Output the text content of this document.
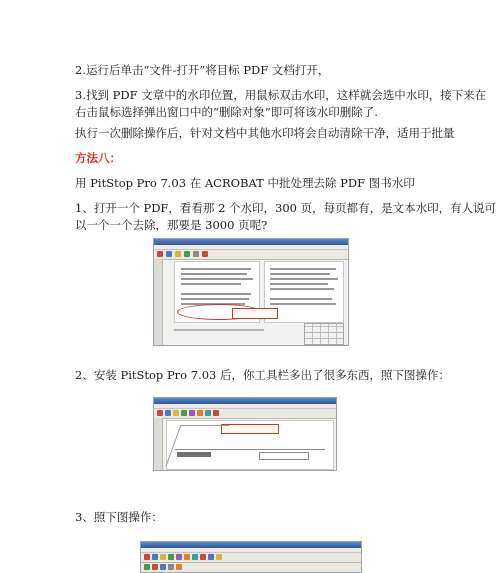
2.运行后单击“文件-打开”将目标 PDF 文档打开，
3.找到 PDF 文章中的水印位置，用鼠标双击水印，这样就会选中水印，接下来在
右击鼠标选择弹出窗口中的“删除对象”即可将该水印删除了.
执行一次删除操作后，针对文档中其他水印将会自动清除干净，适用于批量
方法八：
用 PitStop Pro 7.03 在 ACROBAT 中批处理去除 PDF 图书水印
1、打开一个 PDF，看看那 2 个水印，300 页，每页都有，是文本水印，有人说可
以一个一个去除，那要是 3000 页呢?
2、安装 PitStop Pro 7.03 后，你工具栏多出了很多东西，照下图操作：
3、照下图操作：
